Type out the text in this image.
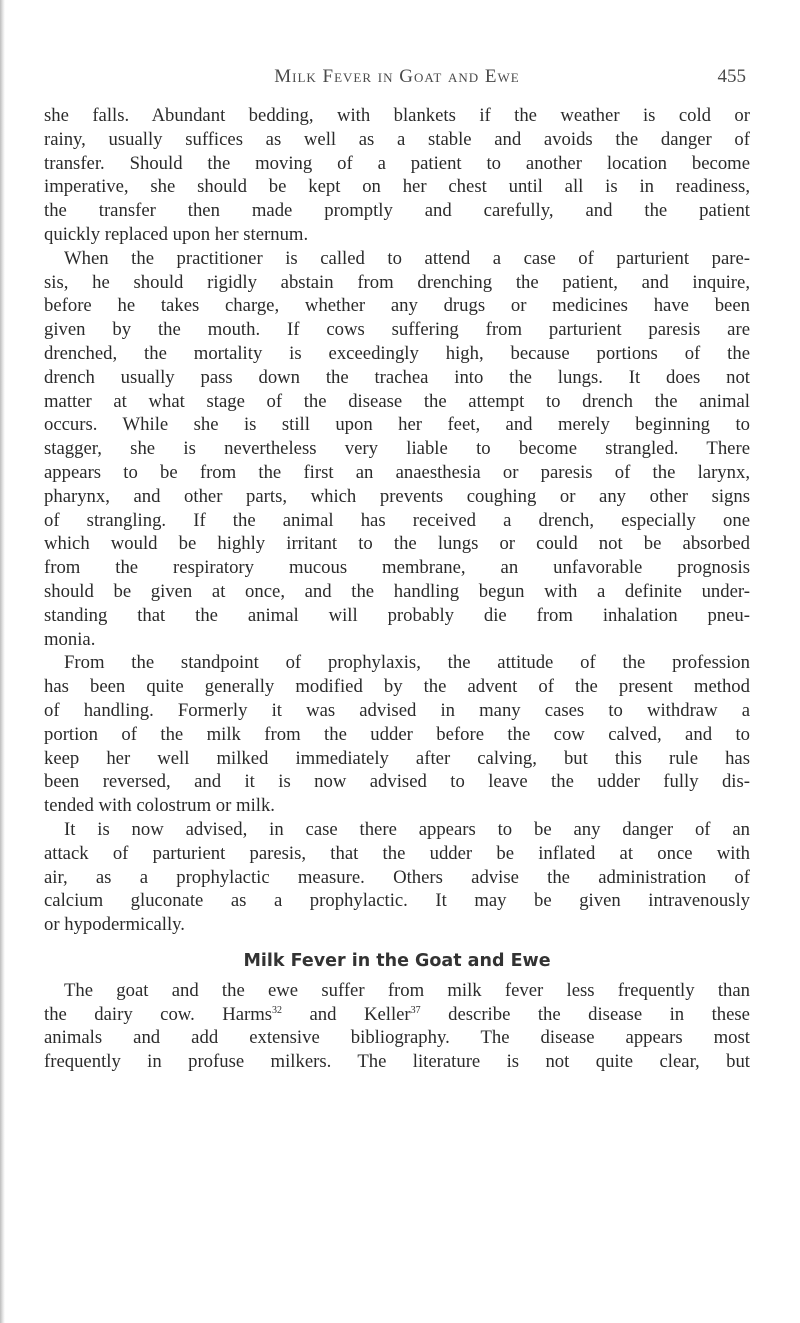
Milk Fever in Goat and Ewe	455
she falls. Abundant bedding, with blankets if the weather is cold or
rainy, usually suffices as well as a stable and avoids the danger of
transfer. Should the moving of a patient to another location become
imperative, she should be kept on her chest until all is in readiness,
the transfer then made promptly and carefully, and the patient
quickly replaced upon her sternum.
When the practitioner is called to attend a case of parturient pare-
sis, he should rigidly abstain from drenching the patient, and inquire,
before he takes charge, whether any drugs or medicines have been
given by the mouth. If cows suffering from parturient paresis are
drenched, the mortality is exceedingly high, because portions of the
drench usually pass down the trachea into the lungs. It does not
matter at what stage of the disease the attempt to drench the animal
occurs. While she is still upon her feet, and merely beginning to
stagger, she is nevertheless very liable to become strangled. There
appears to be from the first an anaesthesia or paresis of the larynx,
pharynx, and other parts, which prevents coughing or any other signs
of strangling. If the animal has received a drench, especially one
which would be highly irritant to the lungs or could not be absorbed
from the respiratory mucous membrane, an unfavorable prognosis
should be given at once, and the handling begun with a definite under-
standing that the animal will probably die from inhalation pneu-
monia.
From the standpoint of prophylaxis, the attitude of the profession
has been quite generally modified by the advent of the present method
of handling. Formerly it was advised in many cases to withdraw a
portion of the milk from the udder before the cow calved, and to
keep her well milked immediately after calving, but this rule has
been reversed, and it is now advised to leave the udder fully dis-
tended with colostrum or milk.
It is now advised, in case there appears to be any danger of an
attack of parturient paresis, that the udder be inflated at once with
air, as a prophylactic measure. Others advise the administration of
calcium gluconate as a prophylactic. It may be given intravenously
or hypodermically.
Milk Fever in the Goat and Ewe
The goat and the ewe suffer from milk fever less frequently than
the dairy cow. Harms$^{32}$ and Keller$^{37}$ describe the disease in these
animals and add extensive bibliography. The disease appears most
frequently in profuse milkers. The literature is not quite clear, but
